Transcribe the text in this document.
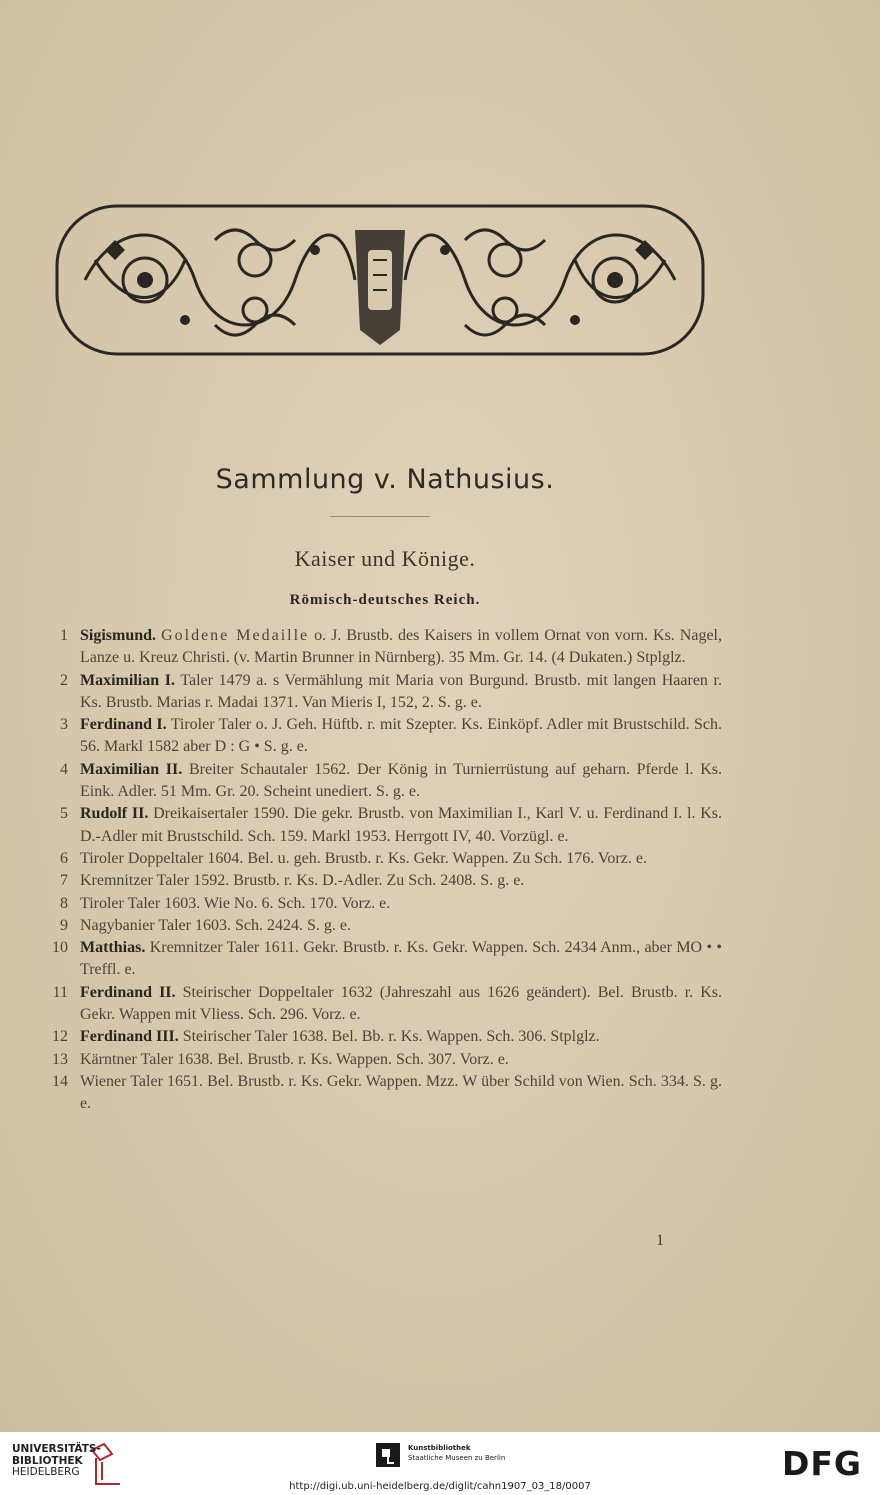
Sammlung v. Nathusius.
Kaiser und Könige.
Römisch-deutsches Reich.
1 Sigismund. Goldene Medaille o. J. Brustb. des Kaisers in vollem Ornat von vorn. Ks. Nagel, Lanze u. Kreuz Christi. (v. Martin Brunner in Nürnberg). 35 Mm. Gr. 14. (4 Dukaten.) Stplglz.
2 Maximilian I. Taler 1479 a. s Vermählung mit Maria von Burgund. Brustb. mit langen Haaren r. Ks. Brustb. Marias r. Madai 1371. Van Mieris I, 152, 2. S. g. e.
3 Ferdinand I. Tiroler Taler o. J. Geh. Hüftb. r. mit Szepter. Ks. Einköpf. Adler mit Brustschild. Sch. 56. Markl 1582 aber D : G • S. g. e.
4 Maximilian II. Breiter Schautaler 1562. Der König in Turnierrüstung auf geharn. Pferde l. Ks. Eink. Adler. 51 Mm. Gr. 20. Scheint unediert. S. g. e.
5 Rudolf II. Dreikaisertaler 1590. Die gekr. Brustb. von Maximilian I., Karl V. u. Ferdinand I. l. Ks. D.-Adler mit Brustschild. Sch. 159. Markl 1953. Herrgott IV, 40. Vorzügl. e.
6 Tiroler Doppeltaler 1604. Bel. u. geh. Brustb. r. Ks. Gekr. Wappen. Zu Sch. 176. Vorz. e.
7 Kremnitzer Taler 1592. Brustb. r. Ks. D.-Adler. Zu Sch. 2408. S. g. e.
8 Tiroler Taler 1603. Wie No. 6. Sch. 170. Vorz. e.
9 Nagybanier Taler 1603. Sch. 2424. S. g. e.
10 Matthias. Kremnitzer Taler 1611. Gekr. Brustb. r. Ks. Gekr. Wappen. Sch. 2434 Anm., aber MO • • Treffl. e.
11 Ferdinand II. Steirischer Doppeltaler 1632 (Jahreszahl aus 1626 geändert). Bel. Brustb. r. Ks. Gekr. Wappen mit Vliess. Sch. 296. Vorz. e.
12 Ferdinand III. Steirischer Taler 1638. Bel. Bb. r. Ks. Wappen. Sch. 306. Stplglz.
13 Kärntner Taler 1638. Bel. Brustb. r. Ks. Wappen. Sch. 307. Vorz. e.
14 Wiener Taler 1651. Bel. Brustb. r. Ks. Gekr. Wappen. Mzz. W über Schild von Wien. Sch. 334. S. g. e.
1
UNIVERSITÄTS-
BIBLIOTHEK
HEIDELBERG
Kunstbibliothek
Staatliche Museen zu Berlin
http://digi.ub.uni-heidelberg.de/diglit/cahn1907_03_18/0007
DFG
